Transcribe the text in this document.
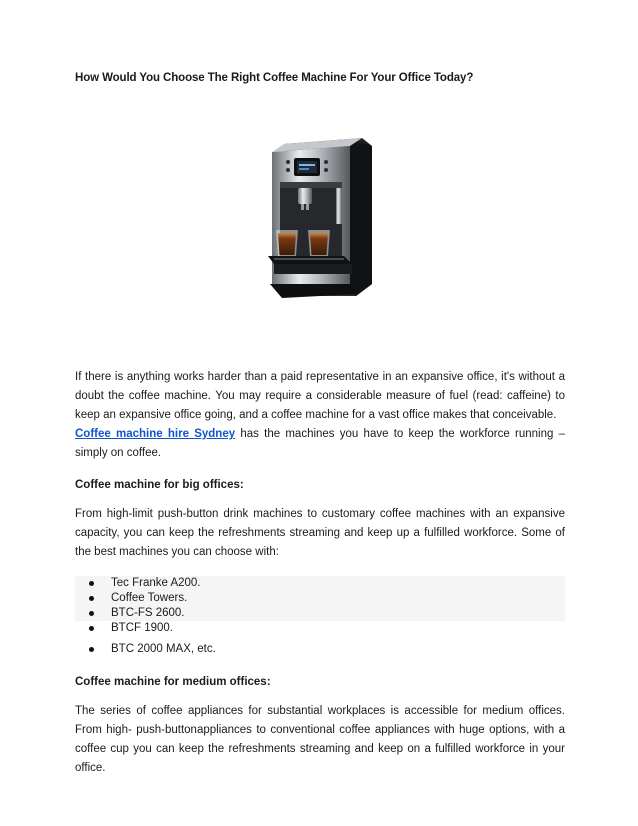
How Would You Choose The Right Coffee Machine For Your Office Today?

If there is anything works harder than a paid representative in an expansive office, it's without a doubt the coffee machine. You may require a considerable measure of fuel (read: caffeine) to keep an expansive office going, and a coffee machine for a vast office makes that conceivable.
Coffee machine hire Sydney has the machines you have to keep the workforce running – simply on coffee.

Coffee machine for big offices:

From high-limit push-button drink machines to customary coffee machines with an expansive capacity, you can keep the refreshments streaming and keep up a fulfilled workforce. Some of the best machines you can choose with:

Tec Franke A200.
Coffee Towers.
BTC-FS 2600.
BTCF 1900.
BTC 2000 MAX, etc.
Coffee machine for medium offices:

The series of coffee appliances for substantial workplaces is accessible for medium offices. From high- push-buttonappliances to conventional coffee appliances with huge options, with a coffee cup you can keep the refreshments streaming and keep on a fulfilled workforce in your office.
